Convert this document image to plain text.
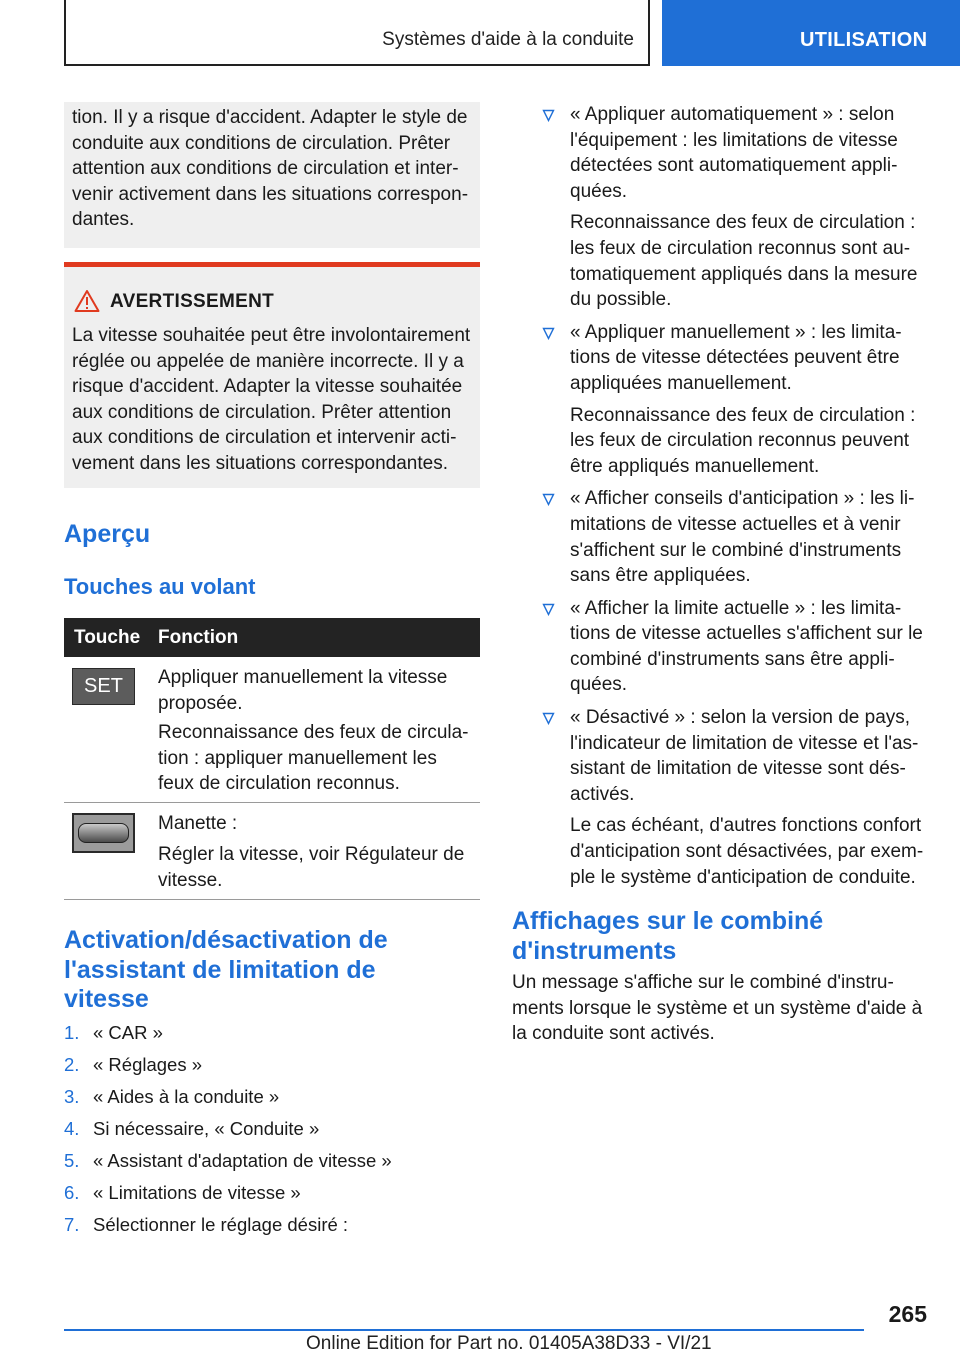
Systèmes d'aide à la conduite	UTILISATION

tion. Il y a risque d'accident. Adapter le style de conduite aux conditions de circulation. Prêter attention aux conditions de circulation et inter-venir activement dans les situations correspon-dantes.

AVERTISSEMENT

La vitesse souhaitée peut être involontairement réglée ou appelée de manière incorrecte. Il y a risque d'accident. Adapter la vitesse souhaitée aux conditions de circulation. Prêter attention aux conditions de circulation et intervenir acti-vement dans les situations correspondantes.

Aperçu
Touches au volant
Touche Fonction
SET	Appliquer manuellement la vitesse proposée.

Reconnaissance des feux de circula-tion : appliquer manuellement les feux de circulation reconnus.

Manette :

Régler la vitesse, voir Régulateur de vitesse.

Activation/désactivation de l'assistant de limitation de vitesse
1. « CAR »
2. « Réglages »
3. « Aides à la conduite »
4. Si nécessaire, « Conduite »
5. « Assistant d'adaptation de vitesse »
6. « Limitations de vitesse »
7. Sélectionner le réglage désiré :

« Appliquer automatiquement » : selon l'équipement : les limitations de vitesse détectées sont automatiquement appli-quées.

Reconnaissance des feux de circulation : les feux de circulation reconnus sont au-tomatiquement appliqués dans la mesure du possible.

« Appliquer manuellement » : les limita-tions de vitesse détectées peuvent être appliquées manuellement.

Reconnaissance des feux de circulation : les feux de circulation reconnus peuvent être appliqués manuellement.

« Afficher conseils d'anticipation » : les li-mitations de vitesse actuelles et à venir s'affichent sur le combiné d'instruments sans être appliquées.

« Afficher la limite actuelle » : les limita-tions de vitesse actuelles s'affichent sur le combiné d'instruments sans être appli-quées.

« Désactivé » : selon la version de pays, l'indicateur de limitation de vitesse et l'as-sistant de limitation de vitesse sont dés-activés.

Le cas échéant, d'autres fonctions confort d'anticipation sont désactivées, par exem-ple le système d'anticipation de conduite.

Affichages sur le combiné d'instruments

Un message s'affiche sur le combiné d'instru-ments lorsque le système et un système d'aide à la conduite sont activés.

265
Online Edition for Part no. 01405A38D33 - VI/21
